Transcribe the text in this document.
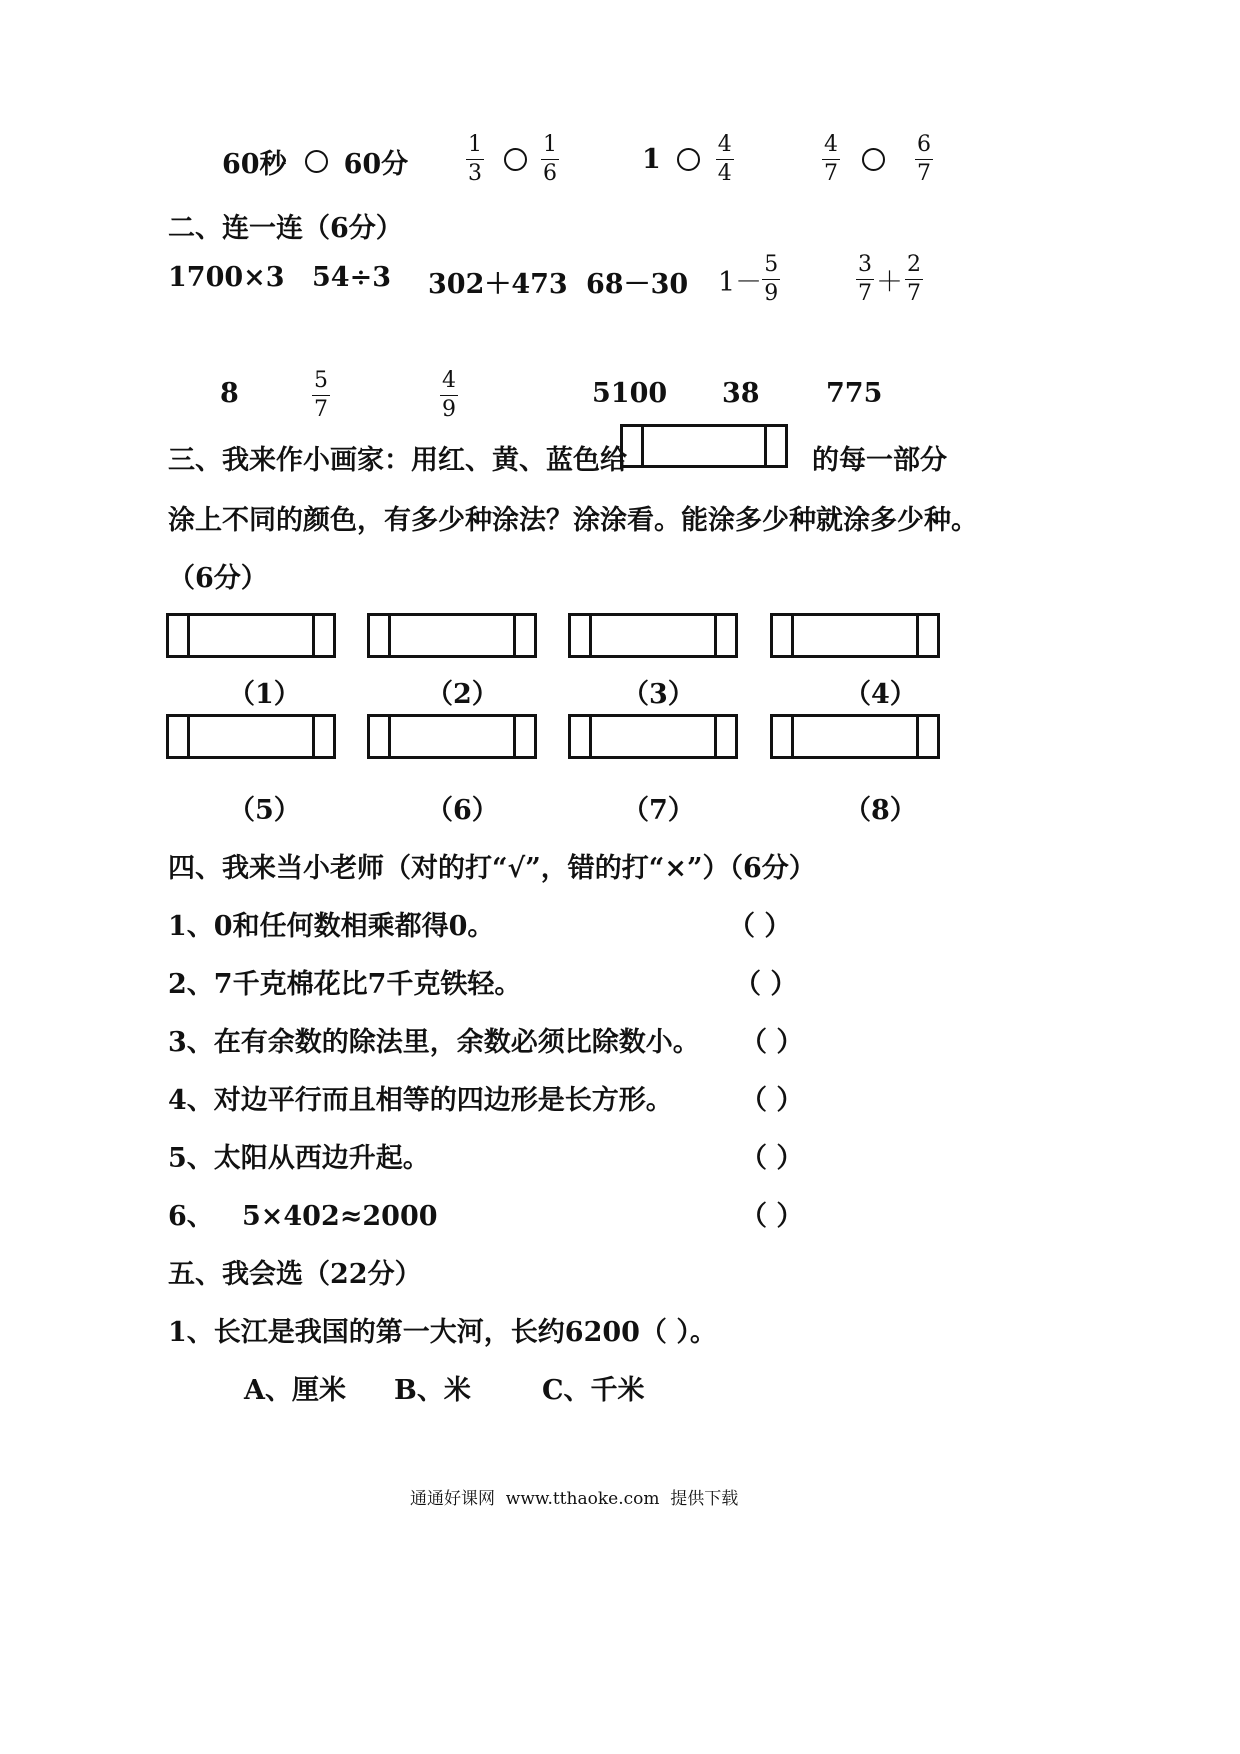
60秒 60分	$\frac{1}{3}$	$\frac{1}{6}$	1	$\frac{4}{4}$	$\frac{4}{7}$	$\frac{6}{7}$
二、连一连（6分）
1700×3 54÷3 302＋473 68－30 $1- \frac{5}{9}$	$\frac{3}{7} + \frac{2}{7}$
8	$\frac{5}{7}$	$\frac{4}{9}$	5100 38 775
三、我来作小画家：用红、黄、蓝色给	的每一部分
涂上不同的颜色，有多少种涂法？涂涂看。能涂多少种就涂多少种。
（6分）
（1）	（2）	（3）	（4）
（5）	（6）	（7）	（8）
四、我来当小老师（对的打“√”，错的打“×”）（6分）
1、0和任何数相乘都得0。	（ ）
2、7千克棉花比7千克铁轻。	（ ）
3、在有余数的除法里，余数必须比除数小。 （ ）
4、对边平行而且相等的四边形是长方形。 （ ）
5、太阳从西边升起。	（ ）
6、   5×402≈2000	（ ）
五、我会选（22分）
1、长江是我国的第一大河，长约6200（ ）。
A、厘米 B、米	C、千米
通通好课网  www.tthaoke.com  提供下载
